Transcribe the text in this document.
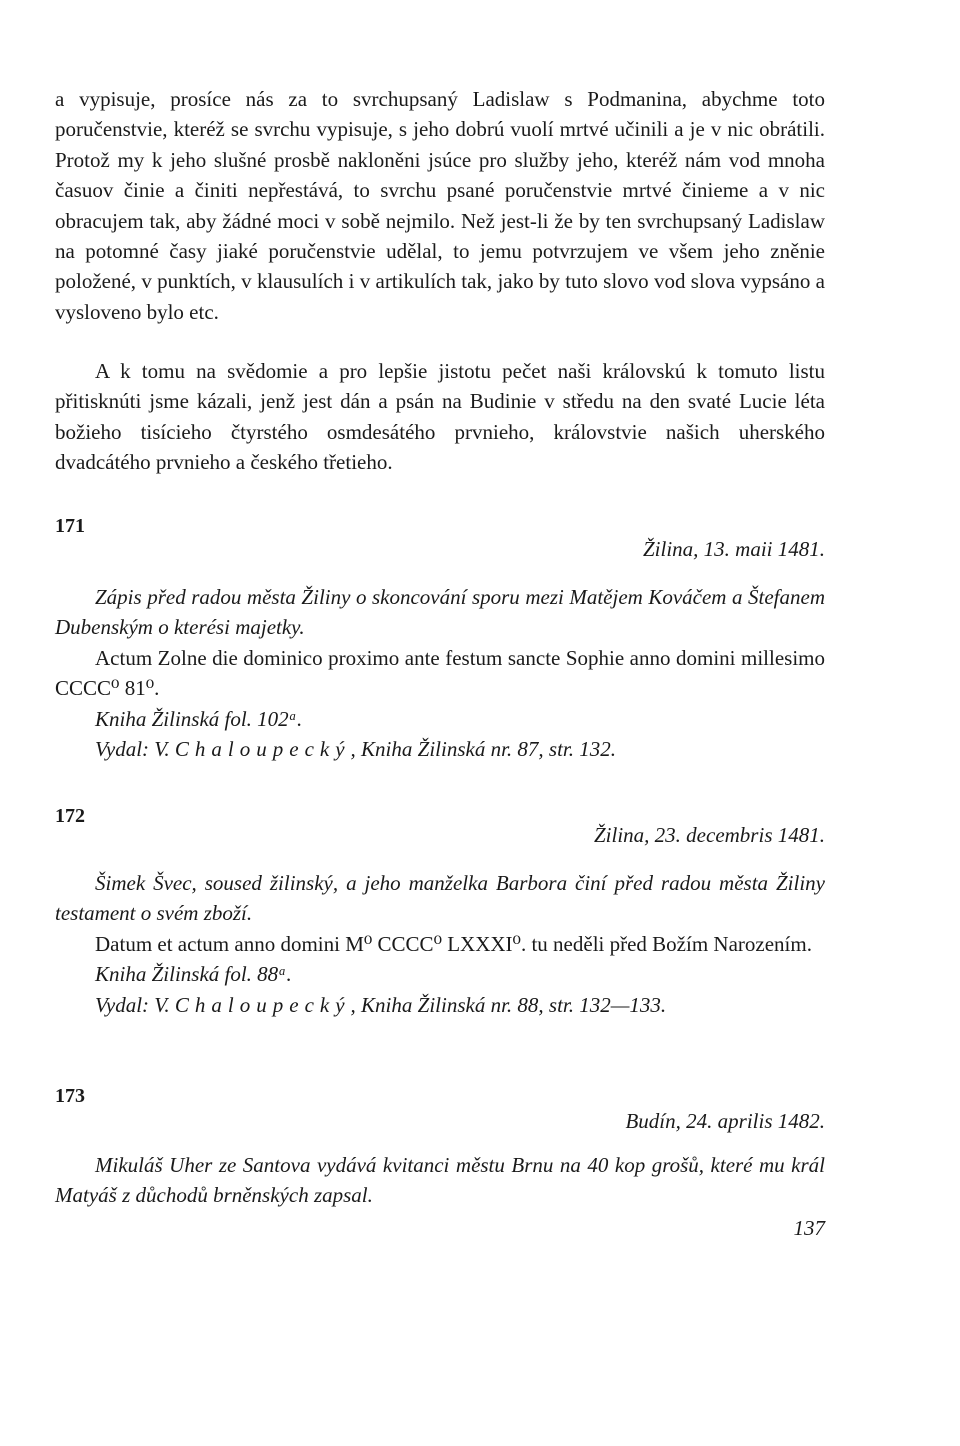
a vypisuje, prosíce nás za to svrchupsaný Ladislaw s Podmanina, abychme toto poručenstvie, kteréž se svrchu vypisuje, s jeho dobrú vuolí mrtvé učinili a je v nic obrátili. Protož my k jeho slušné prosbě nakloněni jsúce pro služby jeho, kteréž nám vod mnoha časuov činie a činiti nepřestává, to svrchu psané poručenstvie mrtvé činieme a v nic obracujem tak, aby žádné moci v sobě nejmilo. Než jest-li že by ten svrchupsaný Ladislaw na potomné časy jiaké poručenstvie udělal, to jemu potvrzujem ve všem jeho zněnie položené, v punktích, v klausulích i v artikulích tak, jako by tuto slovo vod slova vypsáno a vysloveno bylo etc.

A k tomu na svědomie a pro lepšie jistotu pečet naši královskú k tomuto listu přitisknúti jsme kázali, jenž jest dán a psán na Budinie v středu na den svaté Lucie léta božieho tisícieho čtyrstého osmdesátého prvnieho, královstvie našich uherského dvadcátého prvnieho a českého třetieho.

171
Žilina, 13. maii 1481.

Zápis před radou města Žiliny o skoncování sporu mezi Matějem Kováčem a Štefanem Dubenským o kterési majetky.

Actum Zolne die dominico proximo ante festum sancte Sophie anno domini millesimo CCCC⁰ 81⁰.

Kniha Žilinská fol. 102ᵃ.

Vydal: V. Chaloupecký, Kniha Žilinská nr. 87, str. 132.

172
Žilina, 23. decembris 1481.

Šimek Švec, soused žilinský, a jeho manželka Barbora činí před radou města Žiliny testament o svém zboží.

Datum et actum anno domini M⁰ CCCC⁰ LXXXI⁰. tu neděli před Božím Narozením.

Kniha Žilinská fol. 88ᵃ.

Vydal: V. Chaloupecký, Kniha Žilinská nr. 88, str. 132—133.

173
Budín, 24. aprilis 1482.

Mikuláš Uher ze Santova vydává kvitanci městu Brnu na 40 kop grošů, které mu král Matyáš z důchodů brněnských zapsal.

137
